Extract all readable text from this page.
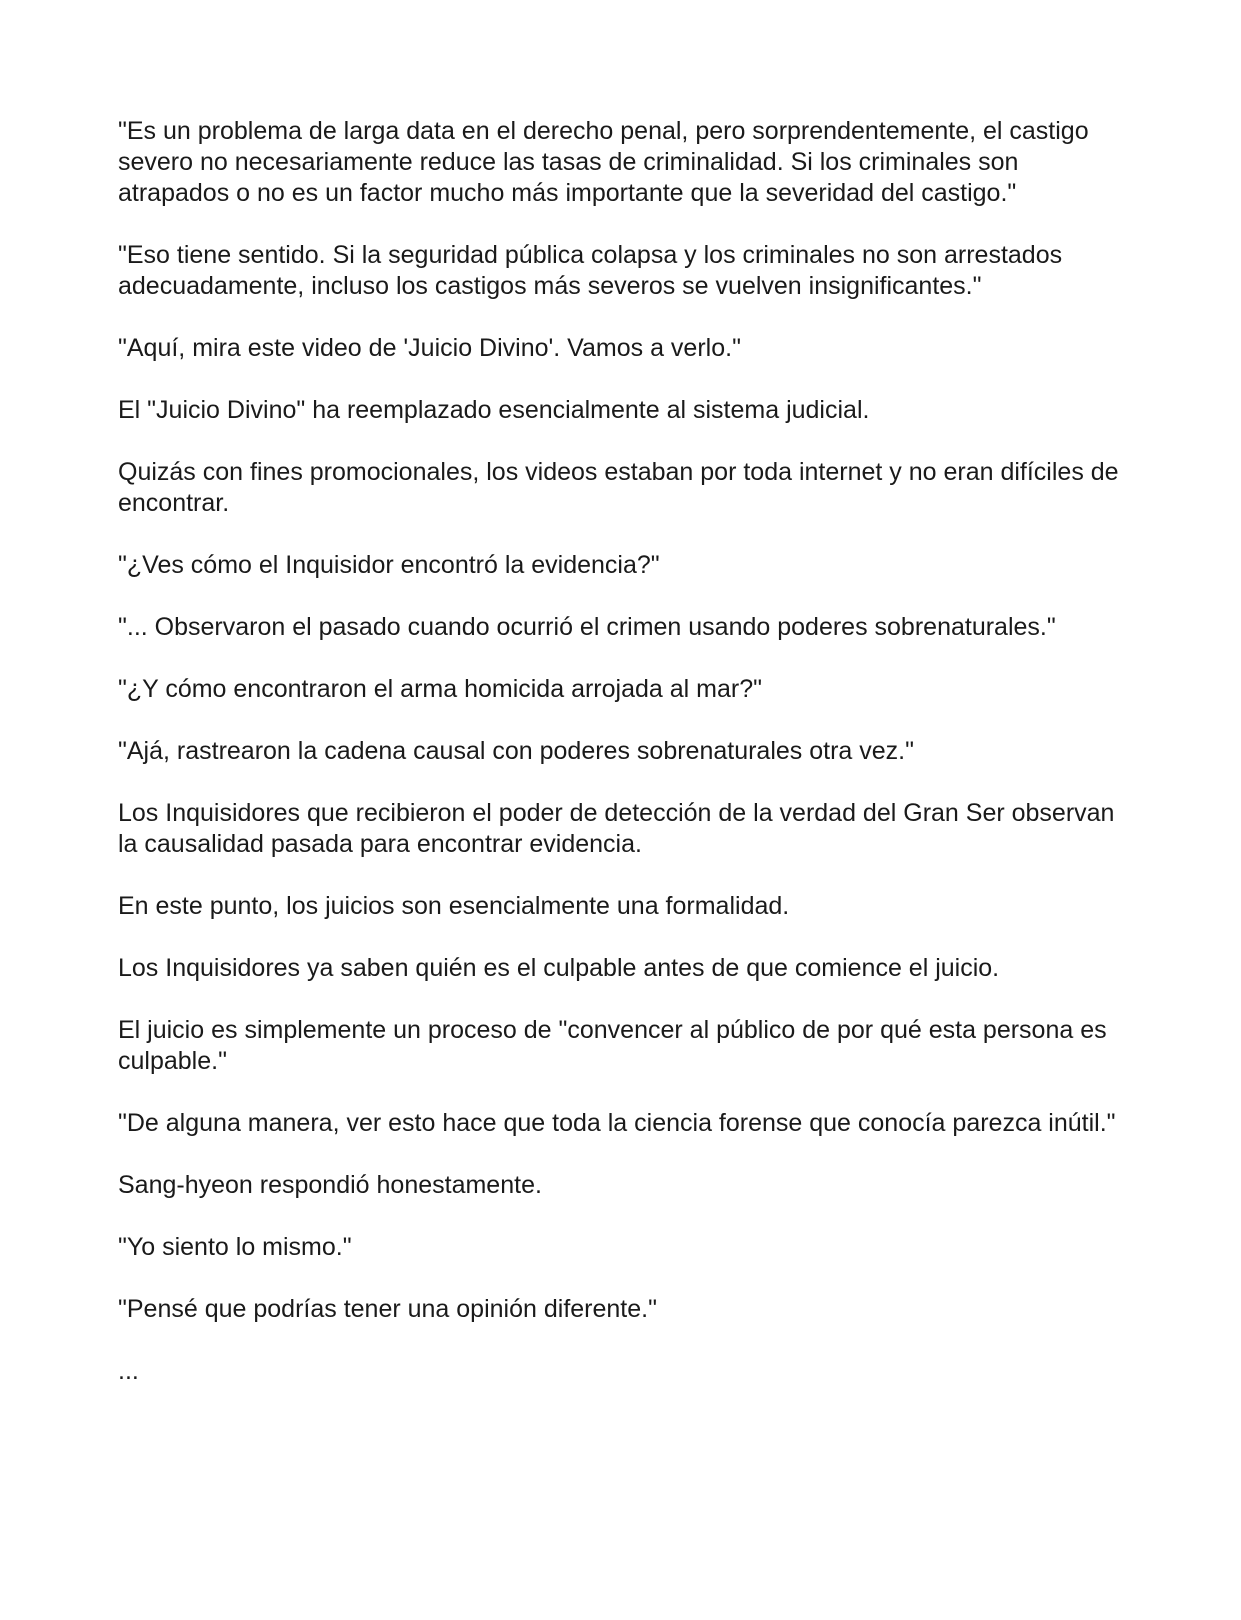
"Es un problema de larga data en el derecho penal, pero sorprendentemente, el castigo severo no necesariamente reduce las tasas de criminalidad. Si los criminales son atrapados o no es un factor mucho más importante que la severidad del castigo."

"Eso tiene sentido. Si la seguridad pública colapsa y los criminales no son arrestados adecuadamente, incluso los castigos más severos se vuelven insignificantes."

"Aquí, mira este video de 'Juicio Divino'. Vamos a verlo."

El "Juicio Divino" ha reemplazado esencialmente al sistema judicial.

Quizás con fines promocionales, los videos estaban por toda internet y no eran difíciles de encontrar.

"¿Ves cómo el Inquisidor encontró la evidencia?"

"... Observaron el pasado cuando ocurrió el crimen usando poderes sobrenaturales."

"¿Y cómo encontraron el arma homicida arrojada al mar?"

"Ajá, rastrearon la cadena causal con poderes sobrenaturales otra vez."

Los Inquisidores que recibieron el poder de detección de la verdad del Gran Ser observan la causalidad pasada para encontrar evidencia.

En este punto, los juicios son esencialmente una formalidad.

Los Inquisidores ya saben quién es el culpable antes de que comience el juicio.

El juicio es simplemente un proceso de "convencer al público de por qué esta persona es culpable."

"De alguna manera, ver esto hace que toda la ciencia forense que conocía parezca inútil."

Sang-hyeon respondió honestamente.

"Yo siento lo mismo."

"Pensé que podrías tener una opinión diferente."

...
